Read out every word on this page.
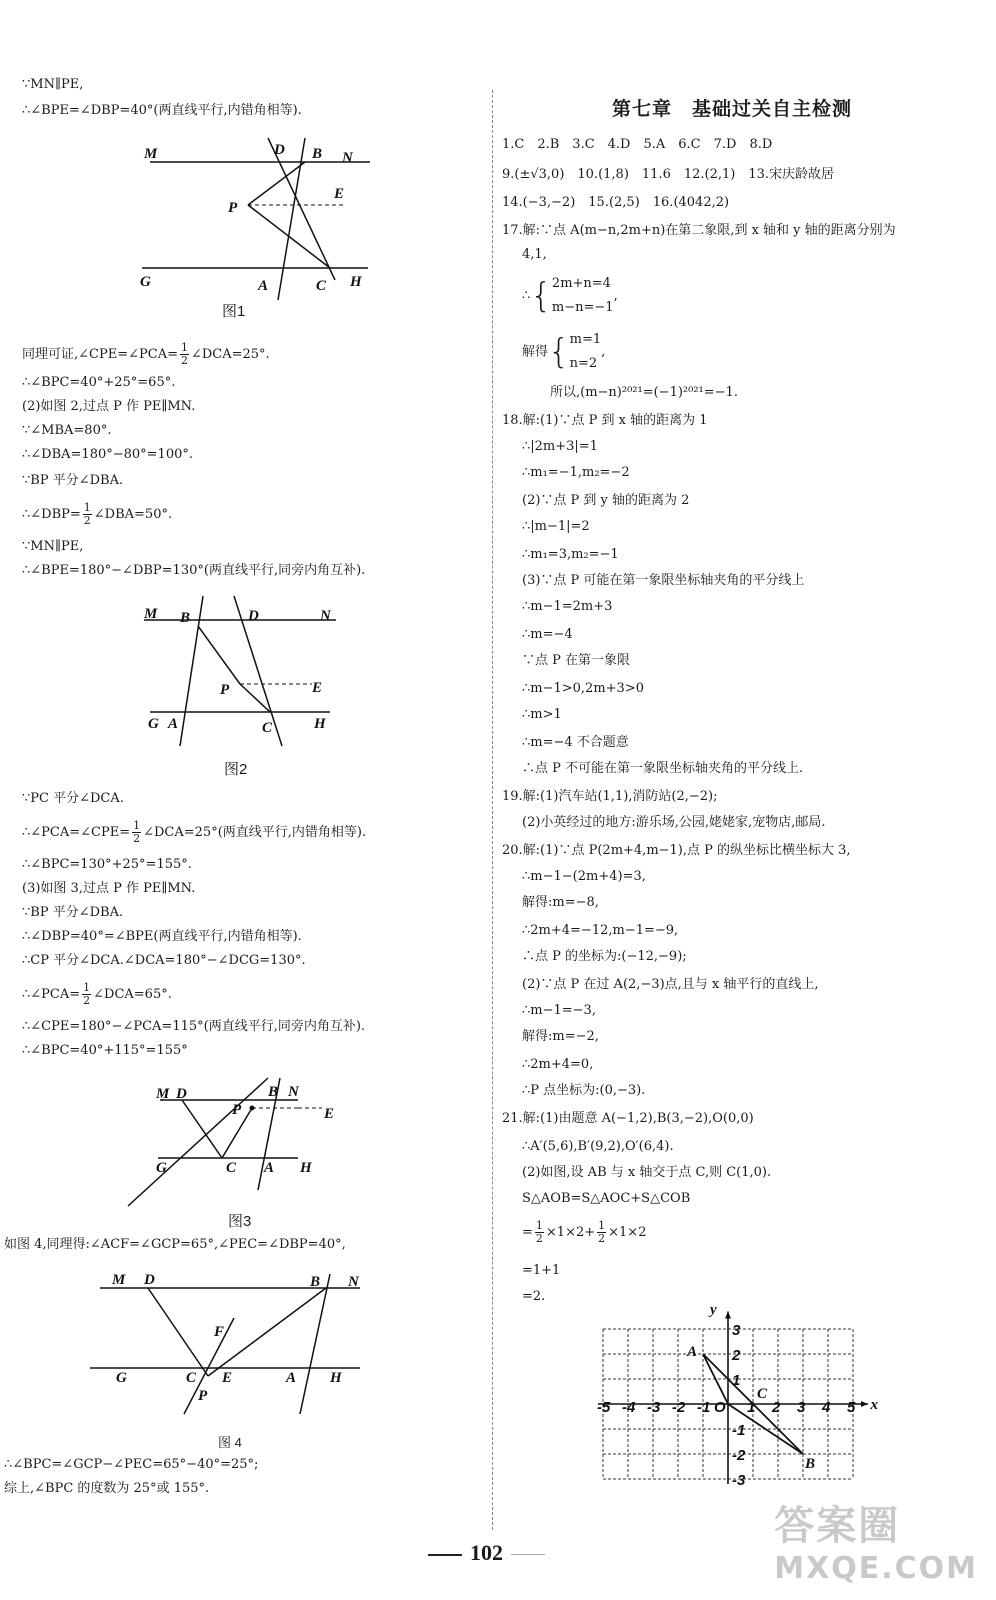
∵MN∥PE,
∴∠BPE=∠DBP=40°(两直线平行,内错角相等).
M	D B N
P
E
G	A	C H
图1
同理可证,∠CPE=∠PCA= $\frac{1}{2}$ ∠DCA=25°.
∴∠BPC=40°+25°=65°.
(2)如图 2,过点 P 作 PE∥MN.
∵∠MBA=80°.
∴∠DBA=180°−80°=100°.
∵BP 平分∠DBA.
∴∠DBP= $\frac{1}{2}$ ∠DBA=50°.
∵MN∥PE,
∴∠BPE=180°−∠DBP=130°(两直线平行,同旁内角互补).
M B	D	N
P	E
G A	C	H
图2
∵PC 平分∠DCA.
∴∠PCA=∠CPE= $\frac{1}{2}$ ∠DCA=25°(两直线平行,内错角相等).
∴∠BPC=130°+25°=155°.
(3)如图 3,过点 P 作 PE∥MN.
∵BP 平分∠DBA.
∴∠DBP=40°=∠BPE(两直线平行,内错角相等).
∴CP 平分∠DCA.∠DCA=180°−∠DCG=130°.
∴∠PCA= $\frac{1}{2}$ ∠DCA=65°.
∴∠CPE=180°−∠PCA=115°(两直线平行,同旁内角互补).
∴∠BPC=40°+115°=155°
M D	B N
P	E
G	C A H
图3
如图 4,同理得:∠ACF=∠GCP=65°,∠PEC=∠DBP=40°,
M D	B N
F
G	C E
P
A H
图 4
∴∠BPC=∠GCP−∠PEC=65°−40°=25°;
综上,∠BPC 的度数为 25°或 155°.
第七章　基础过关自主检测
1.C　2.B　3.C　4.D　5.A　6.C　7.D　8.D
9.(±√3,0)　10.(1,8)　11.6　12.(2,1)　13.宋庆龄故居
14.(−3,−2)　15.(2,5)　16.(4042,2)
17.解:∵点 A(m−n,2m+n)在第二象限,到 x 轴和 y 轴的距离分别为
4,1,
∴ { 2m+n=4
m−n=−1
,
解得 { m=1
n=2
,
所以,(m−n)²⁰²¹=(−1)²⁰²¹=−1.
18.解:(1)∵点 P 到 x 轴的距离为 1
∴|2m+3|=1
∴m₁=−1,m₂=−2
(2)∵点 P 到 y 轴的距离为 2
∴|m−1|=2
∴m₁=3,m₂=−1
(3)∵点 P 可能在第一象限坐标轴夹角的平分线上
∴m−1=2m+3
∴m=−4
∵点 P 在第一象限
∴m−1>0,2m+3>0
∴m>1
∴m=−4 不合题意
∴点 P 不可能在第一象限坐标轴夹角的平分线上.
19.解:(1)汽车站(1,1),消防站(2,−2);
(2)小英经过的地方:游乐场,公园,姥姥家,宠物店,邮局.
20.解:(1)∵点 P(2m+4,m−1),点 P 的纵坐标比横坐标大 3,
∴m−1−(2m+4)=3,
解得:m=−8,
∴2m+4=−12,m−1=−9,
∴点 P 的坐标为:(−12,−9);
(2)∵点 P 在过 A(2,−3)点,且与 x 轴平行的直线上,
∴m−1=−3,
解得:m=−2,
∴2m+4=0,
∴P 点坐标为:(0,−3).
21.解:(1)由题意 A(−1,2),B(3,−2),O(0,0)
∴A′(5,6),B′(9,2),O′(6,4).
(2)如图,设 AB 与 x 轴交于点 C,则 C(1,0).
S△AOB=S△AOC+S△COB
= $\frac{1}{2} \times 1\times 2+ \frac{1}{2} \times 1\times 2$
=1+1
=2.
x
y
-5 -4 -3 -2 -1 O 1 2 3 4 5
3
2
1
-1
-2
-3
A
B
C
102
答案圈
MXQE.COM
